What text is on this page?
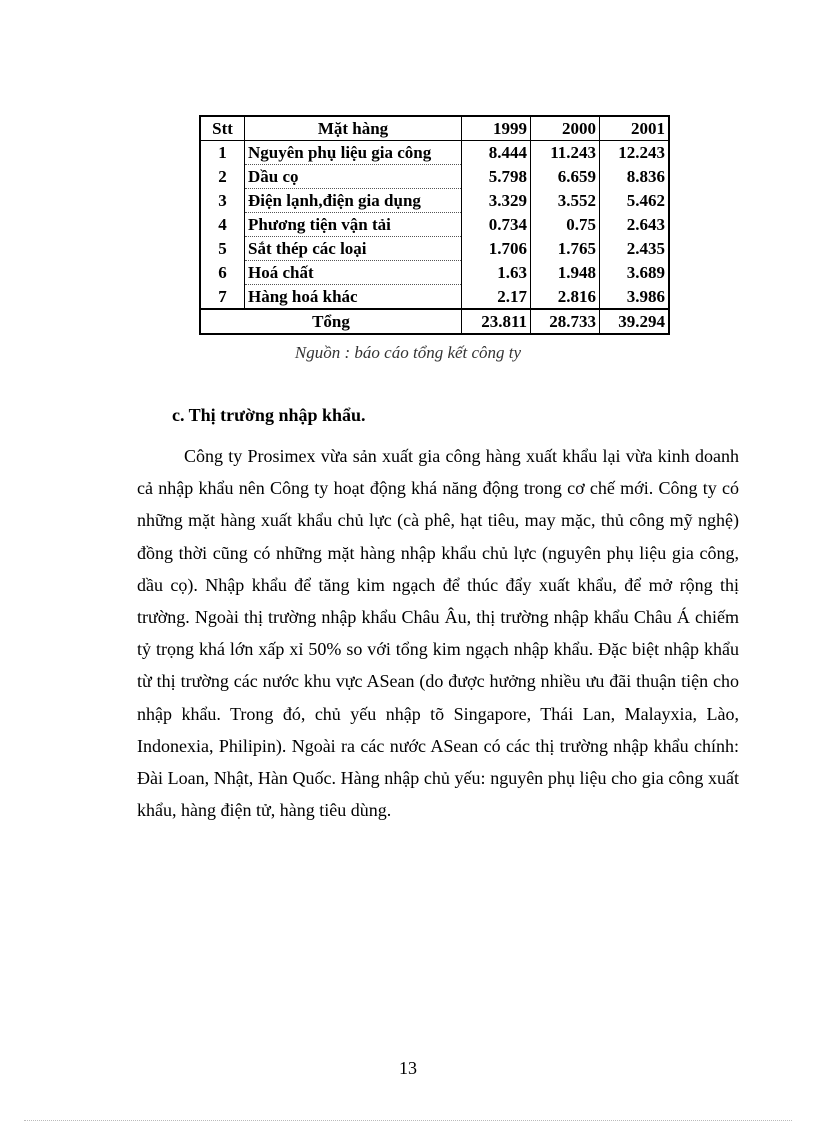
Stt	Mặt hàng	1999	2000	2001
1	Nguyên phụ liệu gia công	8.444	11.243	12.243
2	Dầu cọ	5.798	6.659	8.836
3	Điện lạnh,điện gia dụng	3.329	3.552	5.462
4	Phương tiện vận tải	0.734	0.75	2.643
5	Sắt thép các loại	1.706	1.765	2.435
6	Hoá chất	1.63	1.948	3.689
7	Hàng hoá khác	2.17	2.816	3.986
Tổng		23.811	28.733	39.294
Nguồn : báo cáo tổng kết công ty
c. Thị trường nhập khẩu.

Công ty Prosimex vừa sản xuất gia công hàng xuất khẩu lại vừa kinh doanh cả nhập khẩu nên Công ty hoạt động khá năng động trong cơ chế mới. Công ty có những mặt hàng xuất khẩu chủ lực (cà phê, hạt tiêu, may mặc, thủ công mỹ nghệ) đồng thời cũng có những mặt hàng nhập khẩu chủ lực (nguyên phụ liệu gia công, dầu cọ). Nhập khẩu để tăng kim ngạch để thúc đẩy xuất khẩu, để mở rộng thị trường. Ngoài thị trường nhập khẩu Châu Âu, thị trường nhập khẩu Châu Á chiếm tỷ trọng khá lớn xấp xỉ 50% so với tổng kim ngạch nhập khẩu. Đặc biệt nhập khẩu từ thị trường các nước khu vực ASean (do được hưởng nhiều ưu đãi thuận tiện cho nhập khẩu. Trong đó, chủ yếu nhập tõ Singapore, Thái Lan, Malayxia, Lào, Indonexia, Philipin). Ngoài ra các nước ASean có các thị trường nhập khẩu chính: Đài Loan, Nhật, Hàn Quốc. Hàng nhập chủ yếu: nguyên phụ liệu cho gia công xuất khẩu, hàng điện tử, hàng tiêu dùng.

13
